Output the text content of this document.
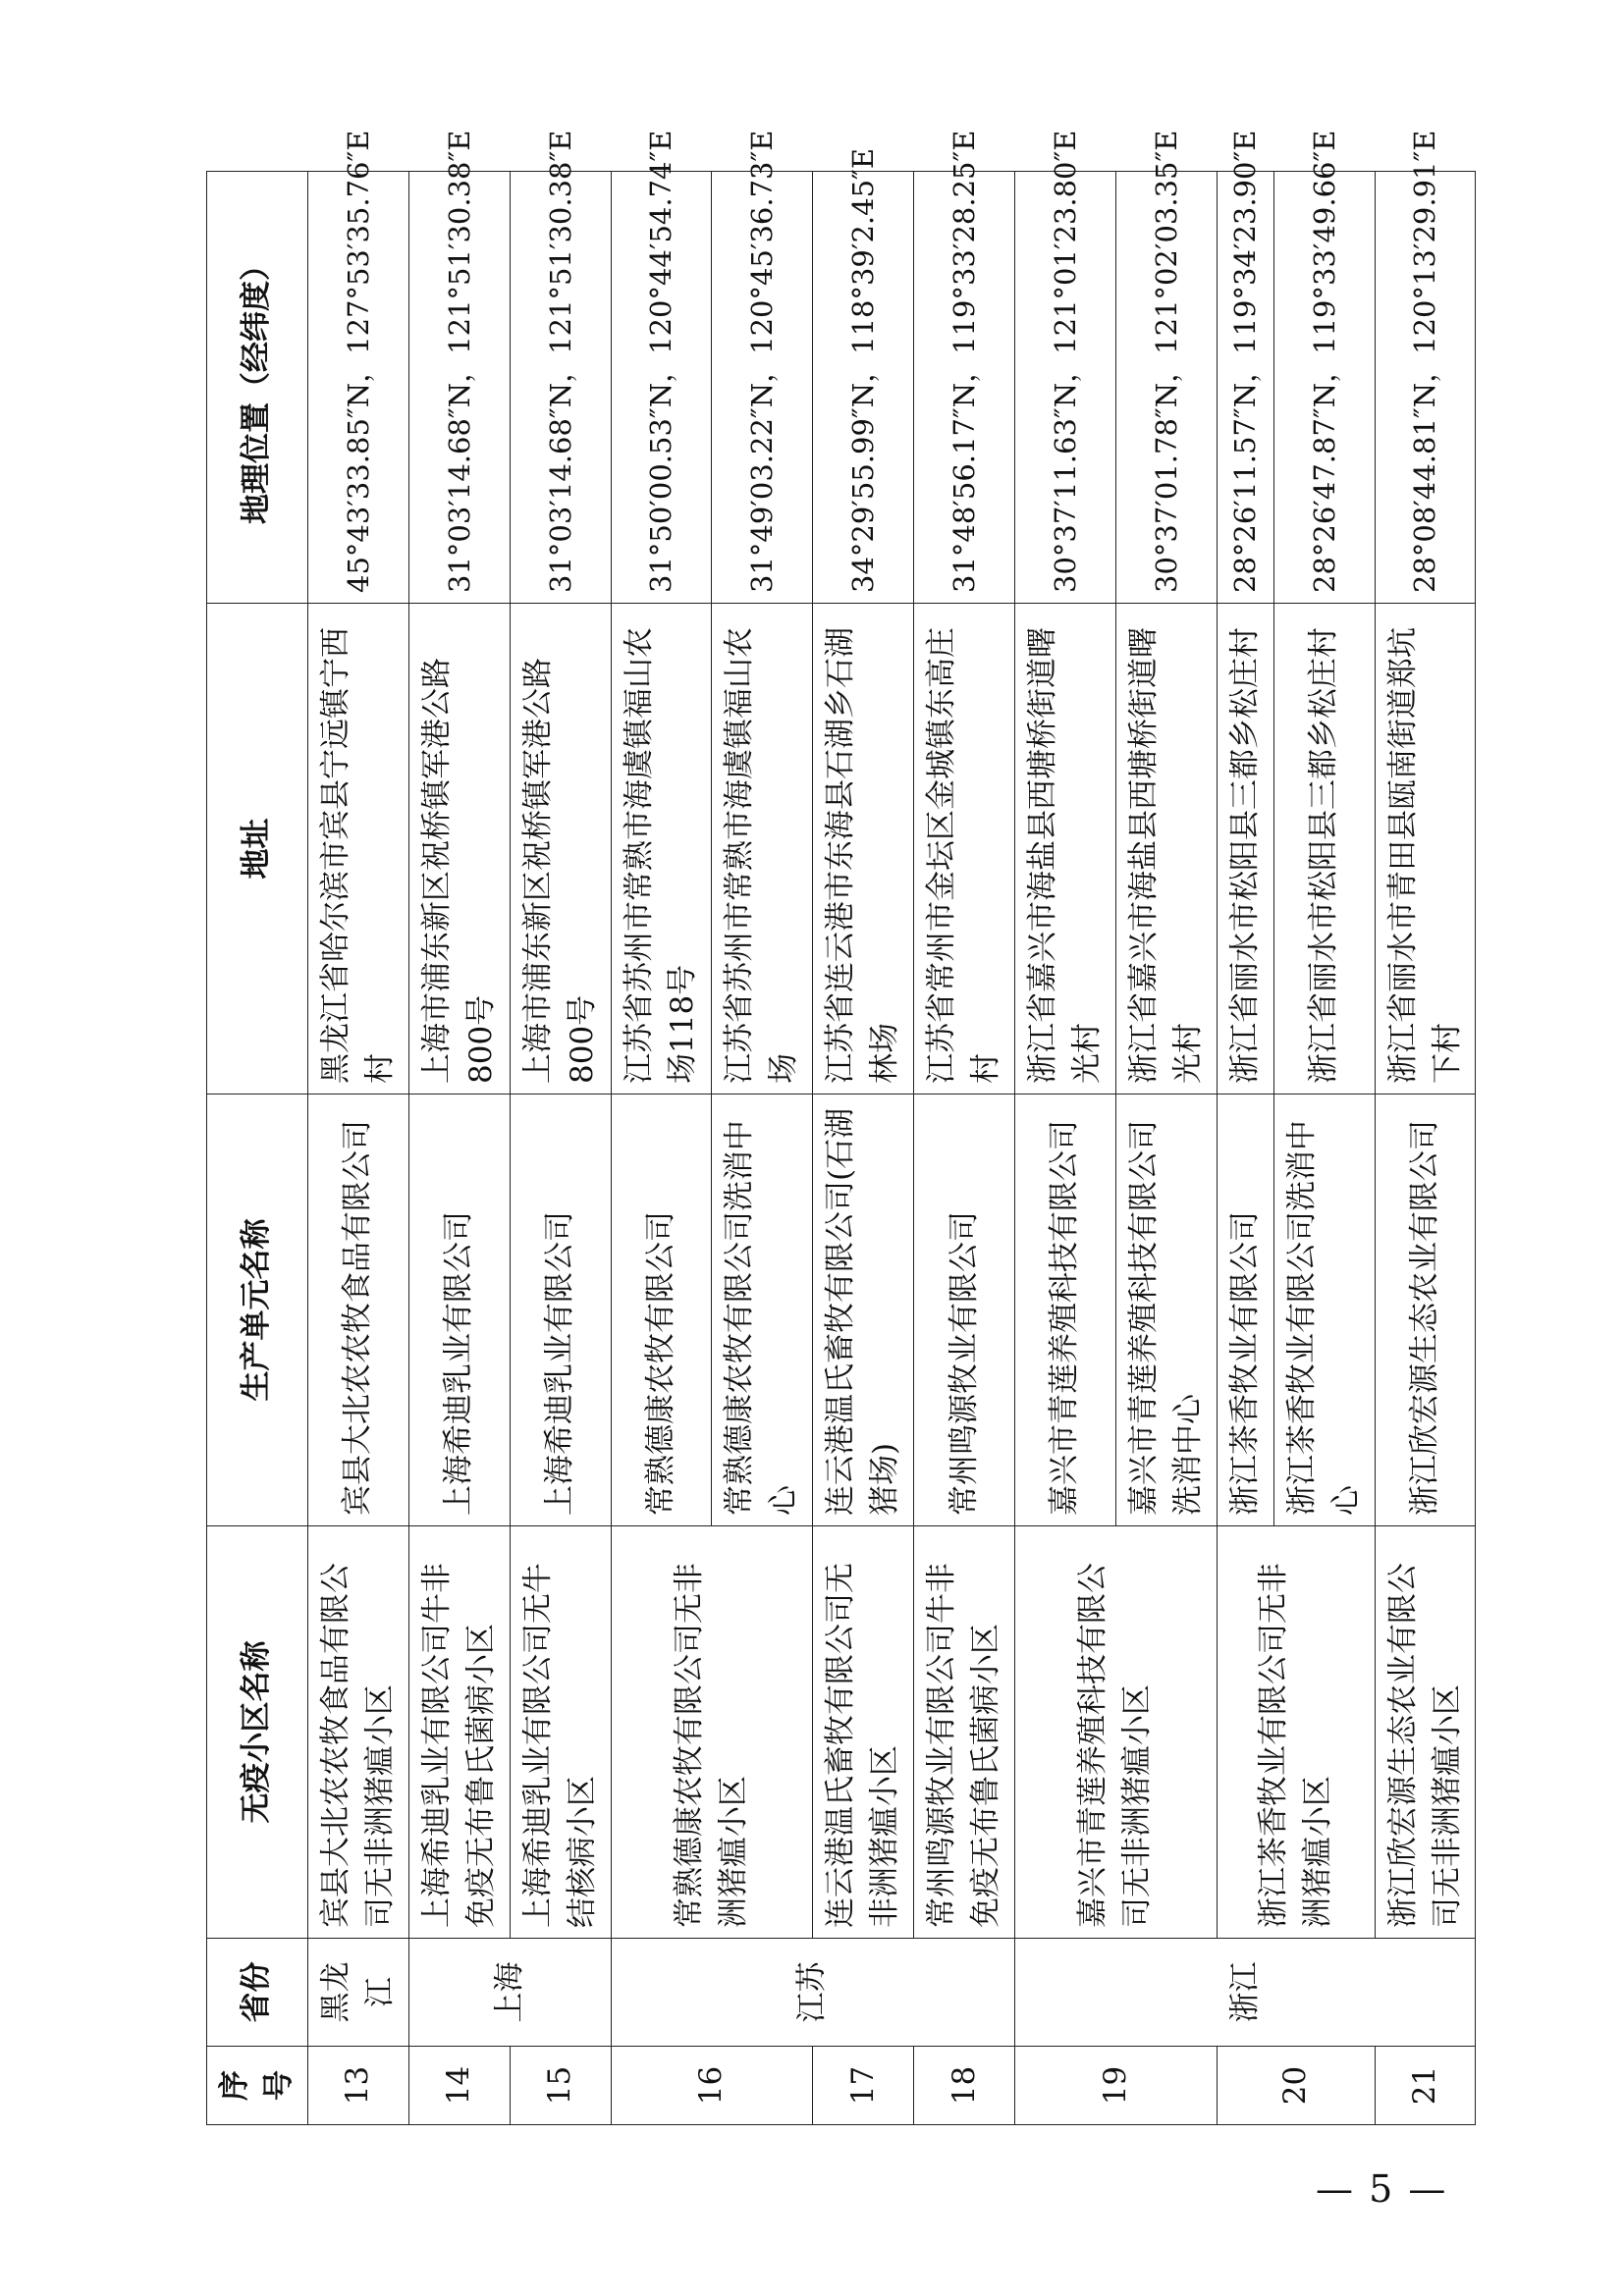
序号	省份	无疫小区名称	生产单元名称	地址	地理位置（经纬度）
13	黑龙江	宾县大北农农牧食品有限公司无非洲猪瘟小区	宾县大北农农牧食品有限公司	黑龙江省哈尔滨市宾县宁远镇宁西村	45°43′33.85″N，127°53′35.76″E
14	上海	上海希迪乳业有限公司牛非免疫无布鲁氏菌病小区	上海希迪乳业有限公司	上海市浦东新区祝桥镇军港公路800号	31°03′14.68″N，121°51′30.38″E
15		上海希迪乳业有限公司无牛结核病小区	上海希迪乳业有限公司	上海市浦东新区祝桥镇军港公路800号	31°03′14.68″N，121°51′30.38″E
16	江苏	常熟德康农牧有限公司无非洲猪瘟小区	常熟德康农牧有限公司	江苏省苏州市常熟市海虞镇福山农场118号	31°50′00.53″N，120°44′54.74″E
			常熟德康农牧有限公司洗消中心	江苏省苏州市常熟市海虞镇福山农场	31°49′03.22″N，120°45′36.73″E
17		连云港温氏畜牧有限公司无非洲猪瘟小区	连云港温氏畜牧有限公司(石湖猪场)	江苏省连云港市东海县石湖乡石湖林场	34°29′55.99″N，118°39′2.45″E
18		常州鸣源牧业有限公司牛非免疫无布鲁氏菌病小区	常州鸣源牧业有限公司	江苏省常州市金坛区金城镇东高庄村	31°48′56.17″N，119°33′28.25″E
19	浙江	嘉兴市青莲养殖科技有限公司无非洲猪瘟小区	嘉兴市青莲养殖科技有限公司	浙江省嘉兴市海盐县西塘桥街道曙光村	30°37′11.63″N，121°01′23.80″E
			嘉兴市青莲养殖科技有限公司洗消中心	浙江省嘉兴市海盐县西塘桥街道曙光村	30°37′01.78″N，121°02′03.35″E
20		浙江茶香牧业有限公司无非洲猪瘟小区	浙江茶香牧业有限公司	浙江省丽水市松阳县三都乡松庄村	28°26′11.57″N，119°34′23.90″E
			浙江茶香牧业有限公司洗消中心	浙江省丽水市松阳县三都乡松庄村	28°26′47.87″N，119°33′49.66″E
21		浙江欣宏源生态农业有限公司无非洲猪瘟小区	浙江欣宏源生态农业有限公司	浙江省丽水市青田县瓯南街道郑坑下村	28°08′44.81″N，120°13′29.91″E
— 5 —
